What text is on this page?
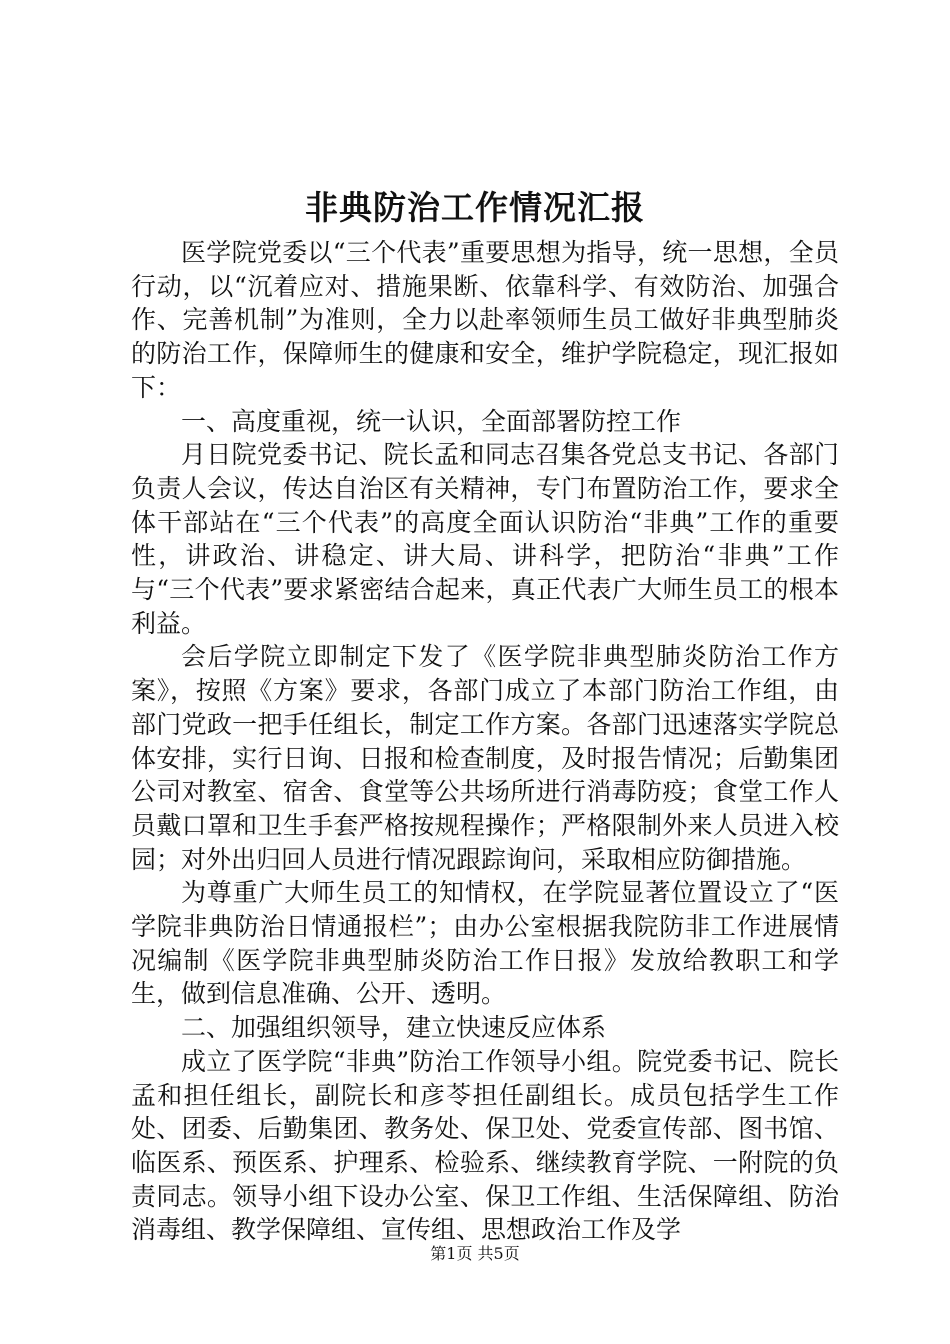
非典防治工作情况汇报

医学院党委以“三个代表”重要思想为指导，统一思想，全员行动，以“沉着应对、措施果断、依靠科学、有效防治、加强合作、完善机制”为准则，全力以赴率领师生员工做好非典型肺炎的防治工作，保障师生的健康和安全，维护学院稳定，现汇报如下：

一、高度重视，统一认识，全面部署防控工作

月日院党委书记、院长孟和同志召集各党总支书记、各部门负责人会议，传达自治区有关精神，专门布置防治工作，要求全体干部站在“三个代表”的高度全面认识防治“非典”工作的重要性，讲政治、讲稳定、讲大局、讲科学，把防治“非典”工作与“三个代表”要求紧密结合起来，真正代表广大师生员工的根本利益。

会后学院立即制定下发了《医学院非典型肺炎防治工作方案》，按照《方案》要求，各部门成立了本部门防治工作组，由部门党政一把手任组长，制定工作方案。各部门迅速落实学院总体安排，实行日询、日报和检查制度，及时报告情况；后勤集团公司对教室、宿舍、食堂等公共场所进行消毒防疫；食堂工作人员戴口罩和卫生手套严格按规程操作；严格限制外来人员进入校园；对外出归回人员进行情况跟踪询问，采取相应防御措施。

为尊重广大师生员工的知情权，在学院显著位置设立了“医学院非典防治日情通报栏”；由办公室根据我院防非工作进展情况编制《医学院非典型肺炎防治工作日报》发放给教职工和学生，做到信息准确、公开、透明。

二、加强组织领导，建立快速反应体系

成立了医学院“非典”防治工作领导小组。院党委书记、院长孟和担任组长，副院长和彦苓担任副组长。成员包括学生工作处、团委、后勤集团、教务处、保卫处、党委宣传部、图书馆、临医系、预医系、护理系、检验系、继续教育学院、一附院的负责同志。领导小组下设办公室、保卫工作组、生活保障组、防治消毒组、教学保障组、宣传组、思想政治工作及学

第1页 共5页
